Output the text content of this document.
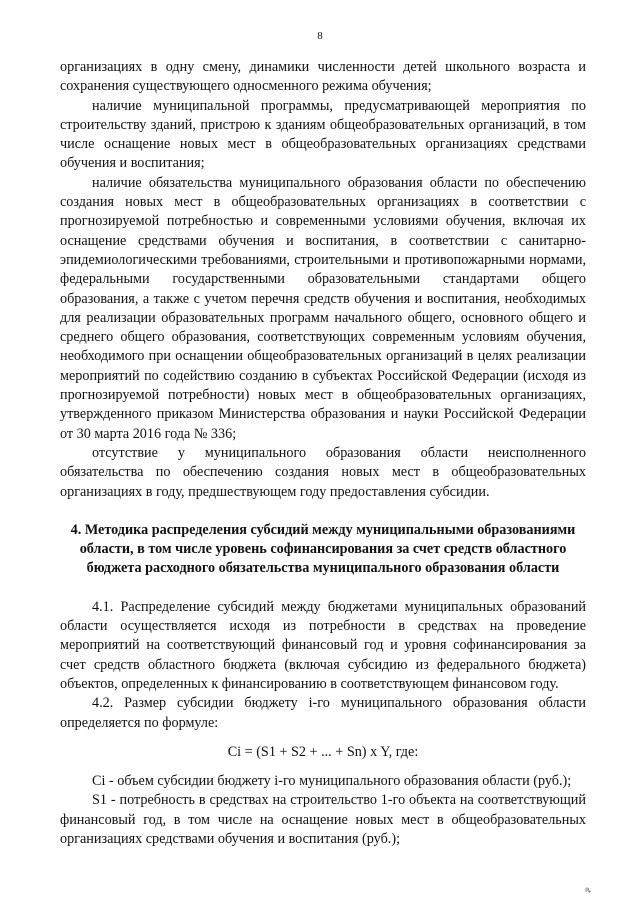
8

организациях в одну смену, динамики численности детей школьного возраста и сохранения существующего односменного режима обучения;

наличие муниципальной программы, предусматривающей мероприятия по строительству зданий, пристрою к зданиям общеобразовательных организаций, в том числе оснащение новых мест в общеобразовательных организациях средствами обучения и воспитания;

наличие обязательства муниципального образования области по обеспечению создания новых мест в общеобразовательных организациях в соответствии с прогнозируемой потребностью и современными условиями обучения, включая их оснащение средствами обучения и воспитания, в соответствии с санитарно-эпидемиологическими требованиями, строительными и противопожарными нормами, федеральными государственными образовательными стандартами общего образования, а также с учетом перечня средств обучения и воспитания, необходимых для реализации образовательных программ начального общего, основного общего и среднего общего образования, соответствующих современным условиям обучения, необходимого при оснащении общеобразовательных организаций в целях реализации мероприятий по содействию созданию в субъектах Российской Федерации (исходя из прогнозируемой потребности) новых мест в общеобразовательных организациях, утвержденного приказом Министерства образования и науки Российской Федерации от 30 марта 2016 года № 336;

отсутствие у муниципального образования области неисполненного обязательства по обеспечению создания новых мест в общеобразовательных организациях в году, предшествующем году предоставления субсидии.

4. Методика распределения субсидий между муниципальными образованиями области, в том числе уровень софинансирования за счет средств областного бюджета расходного обязательства муниципального образования области

4.1. Распределение субсидий между бюджетами муниципальных образований области осуществляется исходя из потребности в средствах на проведение мероприятий на соответствующий финансовый год и уровня софинансирования за счет средств областного бюджета (включая субсидию из федерального бюджета) объектов, определенных к финансированию в соответствующем финансовом году.

4.2. Размер субсидии бюджету i-го муниципального образования области определяется по формуле:

Ci = (S1 + S2 + ... + Sn) x Y, где:

Ci - объем субсидии бюджету i-го муниципального образования области (руб.);

S1 - потребность в средствах на строительство 1-го объекта на соответствующий финансовый год, в том числе на оснащение новых мест в общеобразовательных организациях средствами обучения и воспитания (руб.);

ꝶ
